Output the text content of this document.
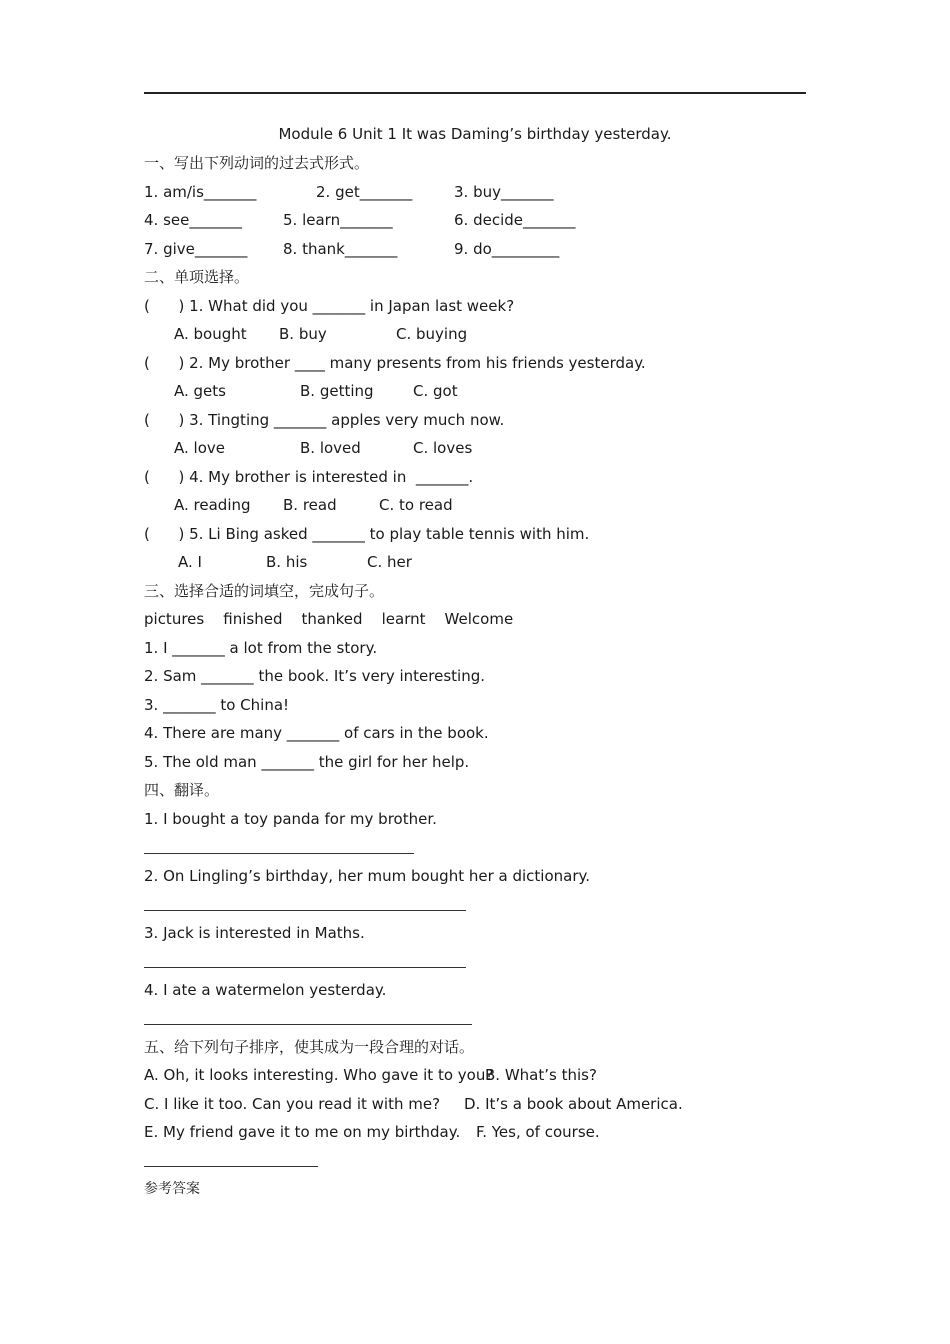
Module 6 Unit 1 It was Daming’s birthday yesterday.
一、写出下列动词的过去式形式。
1. am/is_______	2. get_______	3. buy_______
4. see_______	5. learn_______	6. decide_______
7. give_______ 8. thank_______	9. do_________
二、单项选择。
(      ) 1. What did you _______ in Japan last week?
A. bought B. buy	C. buying
(      ) 2. My brother ____ many presents from his friends yesterday.
A. gets	B. getting	C. got
(      ) 3. Tingting _______ apples very much now.
A. love	B. loved	C. loves
(      ) 4. My brother is interested in  _______.
A. reading B. read	C. to read
(      ) 5. Li Bing asked _______ to play table tennis with him.
A. I	B. his	C. her
三、选择合适的词填空，完成句子。
pictures    finished    thanked    learnt    Welcome
1. I _______ a lot from the story.
2. Sam _______ the book. It’s very interesting.
3. _______ to China!
4. There are many _______ of cars in the book.
5. The old man _______ the girl for her help.
四、翻译。
1. I bought a toy panda for my brother.
2. On Lingling’s birthday, her mum bought her a dictionary.
3. Jack is interested in Maths.
4. I ate a watermelon yesterday.
五、给下列句子排序，使其成为一段合理的对话。
A. Oh, it looks interesting. Who gave it to you?
B. What’s this?
C. I like it too. Can you read it with me? D. It’s a book about America.
E. My friend gave it to me on my birthday. F. Yes, of course.
参考答案
